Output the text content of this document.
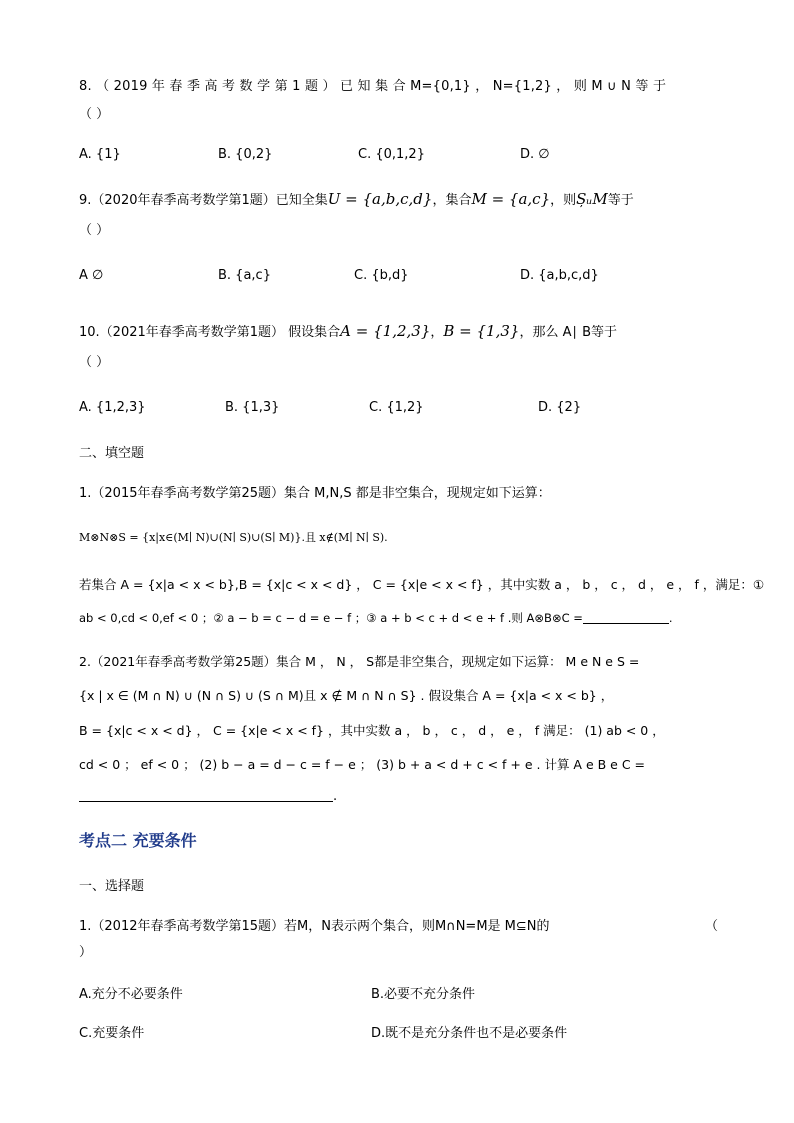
8. （ 2019 年 春 季 高 考 数 学 第 1 题 ） 已 知 集 合 M={0,1} ， N={1,2} ， 则 M ∪ N 等 于
（ ）
A. {1}	B. {0,2}	C. {0,1,2}	D. ∅
9.（2020年春季高考数学第1题）已知全集U = {a,b,c,d}，集合M = {a,c}，则ȘᵤM等于
（ ）
A ∅	B. {a,c}	C. {b,d}	D. {a,b,c,d}
10.（2021年春季高考数学第1题） 假设集合A = {1,2,3}，B = {1,3}，那么 A∣ B等于
（ ）
A. {1,2,3}	B. {1,3}	C. {1,2}	D. {2}
二、填空题
1.（2015年春季高考数学第25题）集合 M,N,S 都是非空集合，现规定如下运算：
M⊗N⊗S = {x|x∈(M∣ N)∪(N∣ S)∪(S∣ M)}.且 x∉(M∣ N∣ S).
若集合 A = {x|a < x < b},B = {x|c < x < d} ， C = {x|e < x < f} ，其中实数 a ， b ， c ， d ， e ， f ，满足：①
ab < 0,cd < 0,ef < 0 ；② a − b = c − d = e − f ；③ a + b < c + d < e + f .则 A⊗B⊗C =	.
2.（2021年春季高考数学第25题）集合 M ， N ， S都是非空集合，现规定如下运算： M e N e S =
{x | x ∈ (M ∩ N) ∪ (N ∩ S) ∪ (S ∩ M)且 x ∉ M ∩ N ∩ S} . 假设集合 A = {x|a < x < b} ，
B = {x|c < x < d} ， C = {x|e < x < f} ，其中实数 a ， b ， c ， d ， e ， f 满足： (1) ab < 0 ，
cd < 0 ； ef < 0 ； (2) b − a = d − c = f − e ； (3) b + a < d + c < f + e . 计算 A e B e C =
.
考点二 充要条件
一、选择题
1.（2012年春季高考数学第15题）若M，N表示两个集合，则M∩N=M是 M⊆N的	（
）
A.充分不必要条件	B.必要不充分条件
C.充要条件	D.既不是充分条件也不是必要条件
